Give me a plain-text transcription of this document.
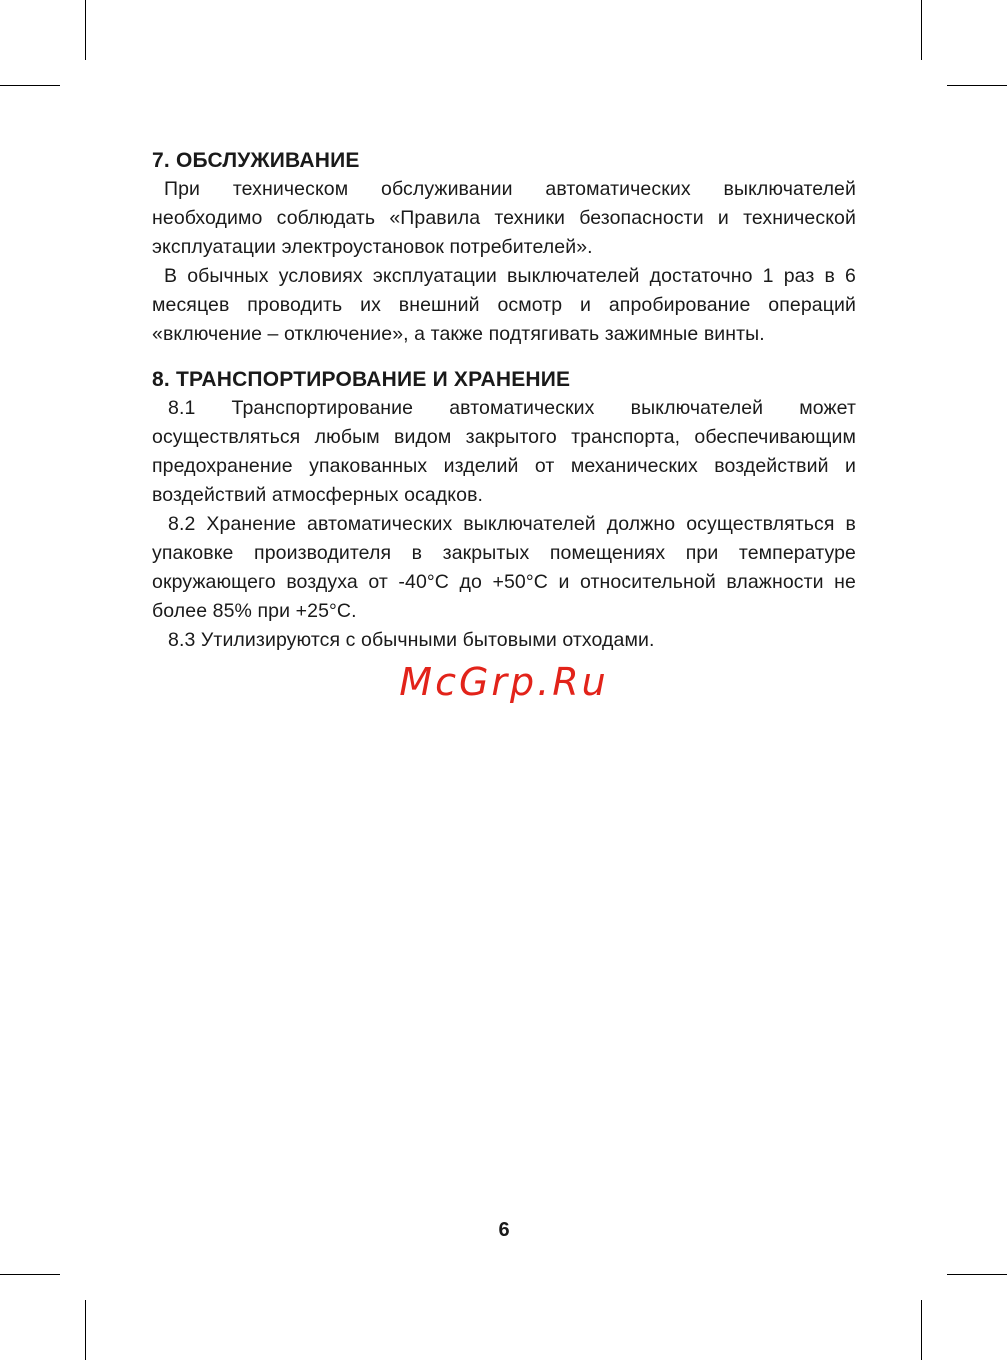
7. ОБСЛУЖИВАНИЕ

При техническом обслуживании автоматических выключателей необходимо соблюдать «Правила техники безопасности и технической эксплуатации электроустановок потребителей».

В обычных условиях эксплуатации выключателей достаточно 1 раз в 6 месяцев проводить их внешний осмотр и апробирование операций «включение – отключение», а также подтягивать зажимные винты.

8. ТРАНСПОРТИРОВАНИЕ И ХРАНЕНИЕ

8.1 Транспортирование автоматических выключателей может осуществляться любым видом закрытого транспорта, обеспечивающим предохранение упакованных изделий от механических воздействий и воздействий атмосферных осадков.

8.2 Хранение автоматических выключателей должно осуществляться в упаковке производителя в закрытых помещениях при температуре окружающего воздуха от -40°С до +50°С и относительной влажности не более 85% при +25°С.

8.3 Утилизируются с обычными бытовыми отходами.

McGrp.Ru
6
